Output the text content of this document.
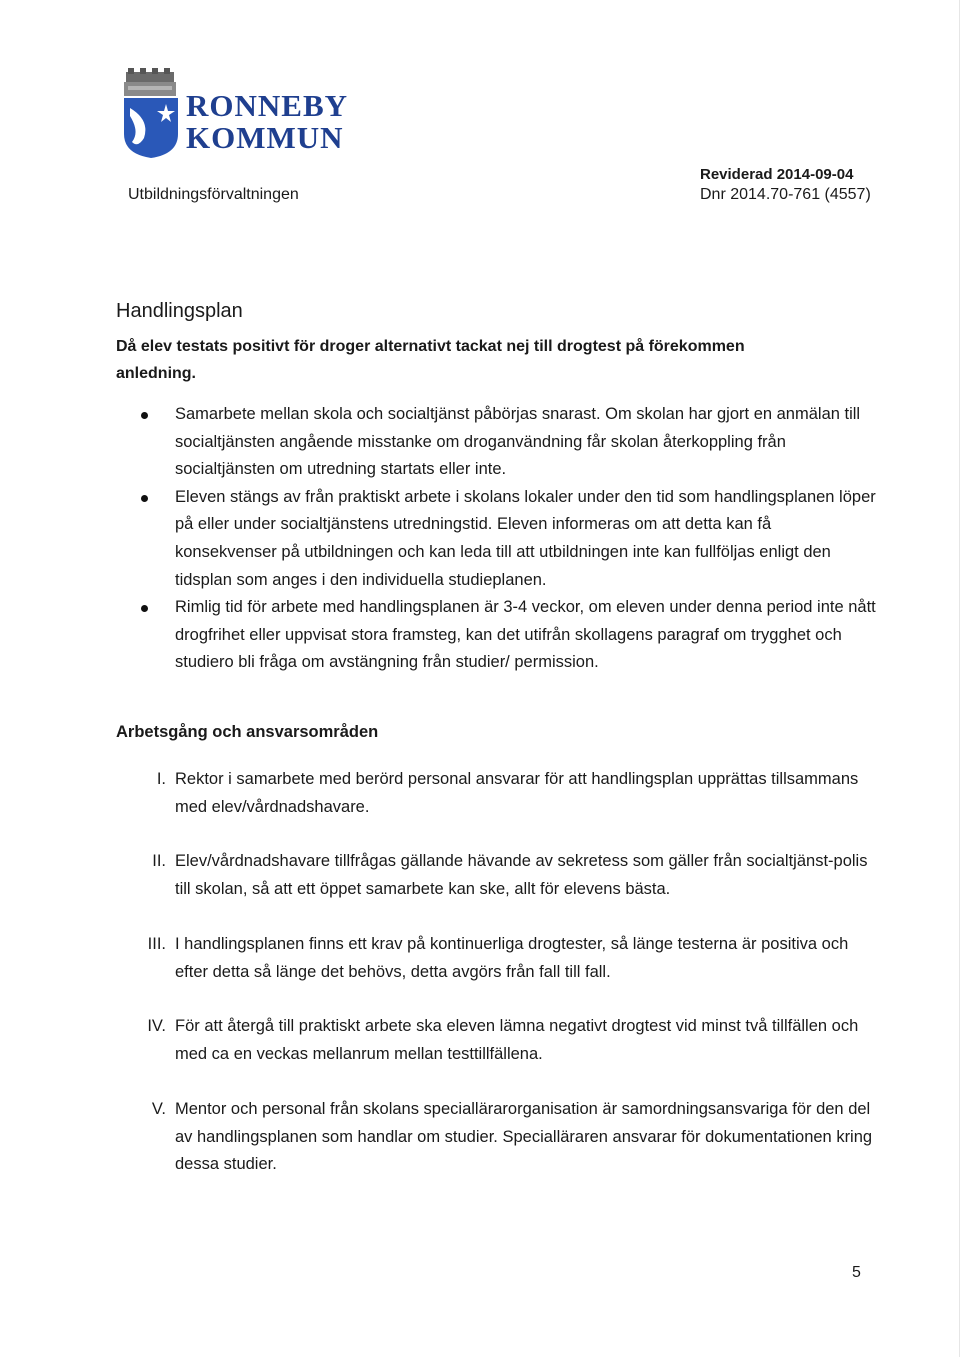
RONNEBY
KOMMUN
Reviderad 2014-09-04
Utbildningsförvaltningen	Dnr 2014.70-761 (4557)
Handlingsplan

Då elev testats positivt för droger alternativt tackat nej till drogtest på förekommen anledning.

Samarbete mellan skola och socialtjänst påbörjas snarast. Om skolan har gjort en anmälan till socialtjänsten angående misstanke om droganvändning får skolan återkoppling från socialtjänsten om utredning startats eller inte.
Eleven stängs av från praktiskt arbete i skolans lokaler under den tid som handlingsplanen löper på eller under socialtjänstens utredningstid. Eleven informeras om att detta kan få konsekvenser på utbildningen och kan leda till att utbildningen inte kan fullföljas enligt den tidsplan som anges i den individuella studieplanen.
Rimlig tid för arbete med handlingsplanen är 3-4 veckor, om eleven under denna period inte nått drogfrihet eller uppvisat stora framsteg, kan det utifrån skollagens paragraf om trygghet och studiero bli fråga om avstängning från studier/ permission.
Arbetsgång och ansvarsområden
I. Rektor i samarbete med berörd personal ansvarar för att handlingsplan upprättas tillsammans med elev/vårdnadshavare.
II. Elev/vårdnadshavare tillfrågas gällande hävande av sekretess som gäller från socialtjänst-polis till skolan, så att ett öppet samarbete kan ske, allt för elevens bästa.
III. I handlingsplanen finns ett krav på kontinuerliga drogtester, så länge testerna är positiva och efter detta så länge det behövs, detta avgörs från fall till fall.
IV. För att återgå till praktiskt arbete ska eleven lämna negativt drogtest vid minst två tillfällen och med ca en veckas mellanrum mellan testtillfällena.
V. Mentor och personal från skolans speciallärarorganisation är samordningsansvariga för den del av handlingsplanen som handlar om studier. Specialläraren ansvarar för dokumentationen kring dessa studier.
5
